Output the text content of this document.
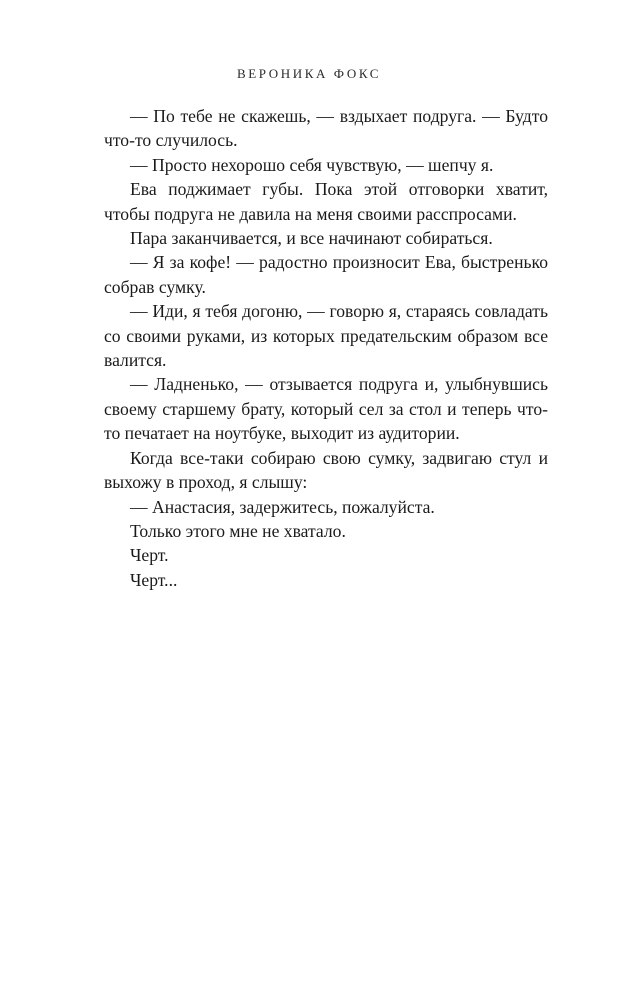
ВЕРОНИКА ФОКС

— По тебе не скажешь, — вздыхает подруга. — Будто что-то случилось.

— Просто нехорошо себя чувствую, — шепчу я.

Ева поджимает губы. Пока этой отговорки хватит, чтобы подруга не давила на меня своими расспросами.

Пара заканчивается, и все начинают собираться.

— Я за кофе! — радостно произносит Ева, быстренько собрав сумку.

— Иди, я тебя догоню, — говорю я, стараясь совладать со своими руками, из которых предательским образом все валится.

— Ладненько, — отзывается подруга и, улыбнувшись своему старшему брату, который сел за стол и теперь что-то печатает на ноутбуке, выходит из аудитории.

Когда все-таки собираю свою сумку, задвигаю стул и выхожу в проход, я слышу:

— Анастасия, задержитесь, пожалуйста.

Только этого мне не хватало.

Черт.

Черт...
